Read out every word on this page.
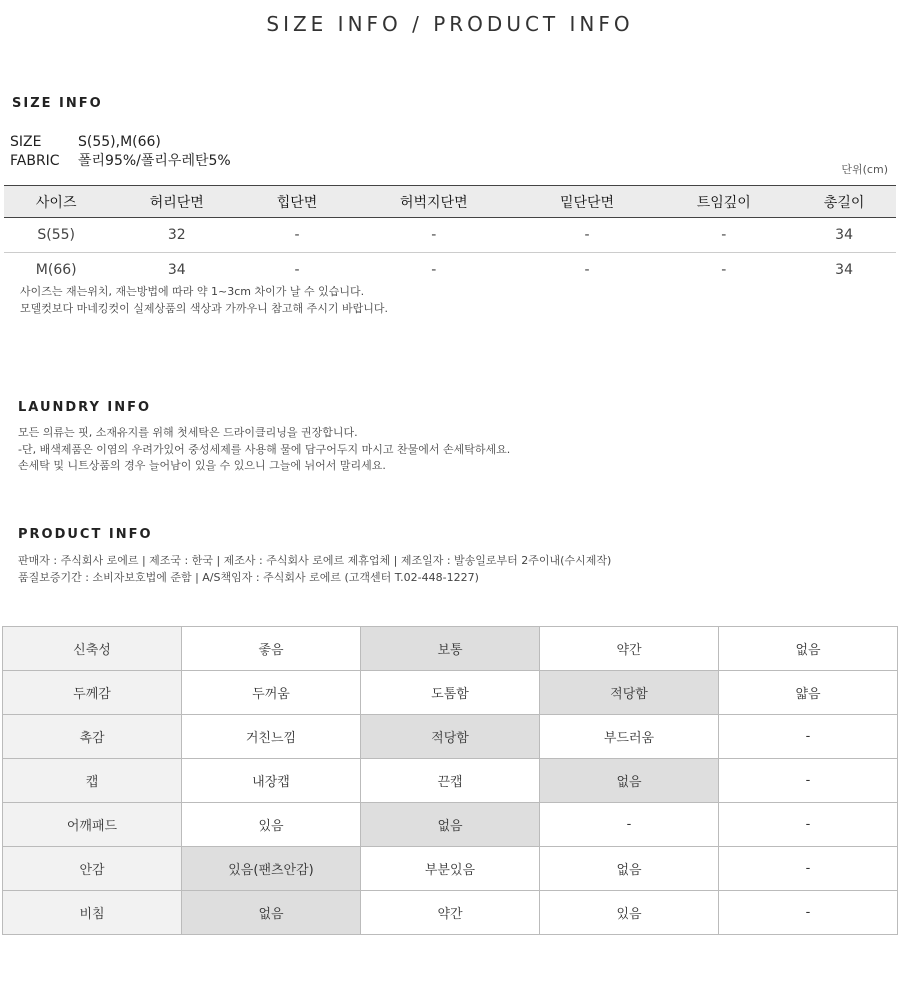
SIZE INFO / PRODUCT INFO
SIZE INFO
SIZE	S(55),M(66)
FABRIC 폴리95%/폴리우레탄5%
단위(cm)
사이즈	허리단면	힙단면	허벅지단면	밑단단면	트임깊이	총길이
S(55)	32	-	-	-	-	34
M(66)	34	-	-	-	-	34
사이즈는 재는위치, 재는방법에 따라 약 1~3cm 차이가 날 수 있습니다.
모델컷보다 마네킹컷이 실제상품의 색상과 가까우니 참고해 주시기 바랍니다.
LAUNDRY INFO
모든 의류는 핏, 소재유지를 위해 첫세탁은 드라이클리닝을 권장합니다.
-단, 배색제품은 이염의 우려가있어 중성세제를 사용해 물에 담구어두지 마시고 찬물에서 손세탁하세요.
손세탁 및 니트상품의 경우 늘어남이 있을 수 있으니 그늘에 뉘어서 말리세요.
PRODUCT INFO
판매자 : 주식회사 로에르 | 제조국 : 한국 | 제조사 : 주식회사 로에르 제휴업체 | 제조일자 : 발송일로부터 2주이내(수시제작)
품질보증기간 : 소비자보호법에 준함 | A/S책임자 : 주식회사 로에르 (고객센터 T.02-448-1227)
신축성	좋음	보통	약간	없음
두께감	두꺼움	도톰함	적당함	얇음
촉감	거친느낌	적당함	부드러움	-
캡	내장캡	끈캡	없음	-
어깨패드	있음	없음	-	-
안감	있음(팬츠안감)	부분있음	없음	-
비침	없음	약간	있음	-
